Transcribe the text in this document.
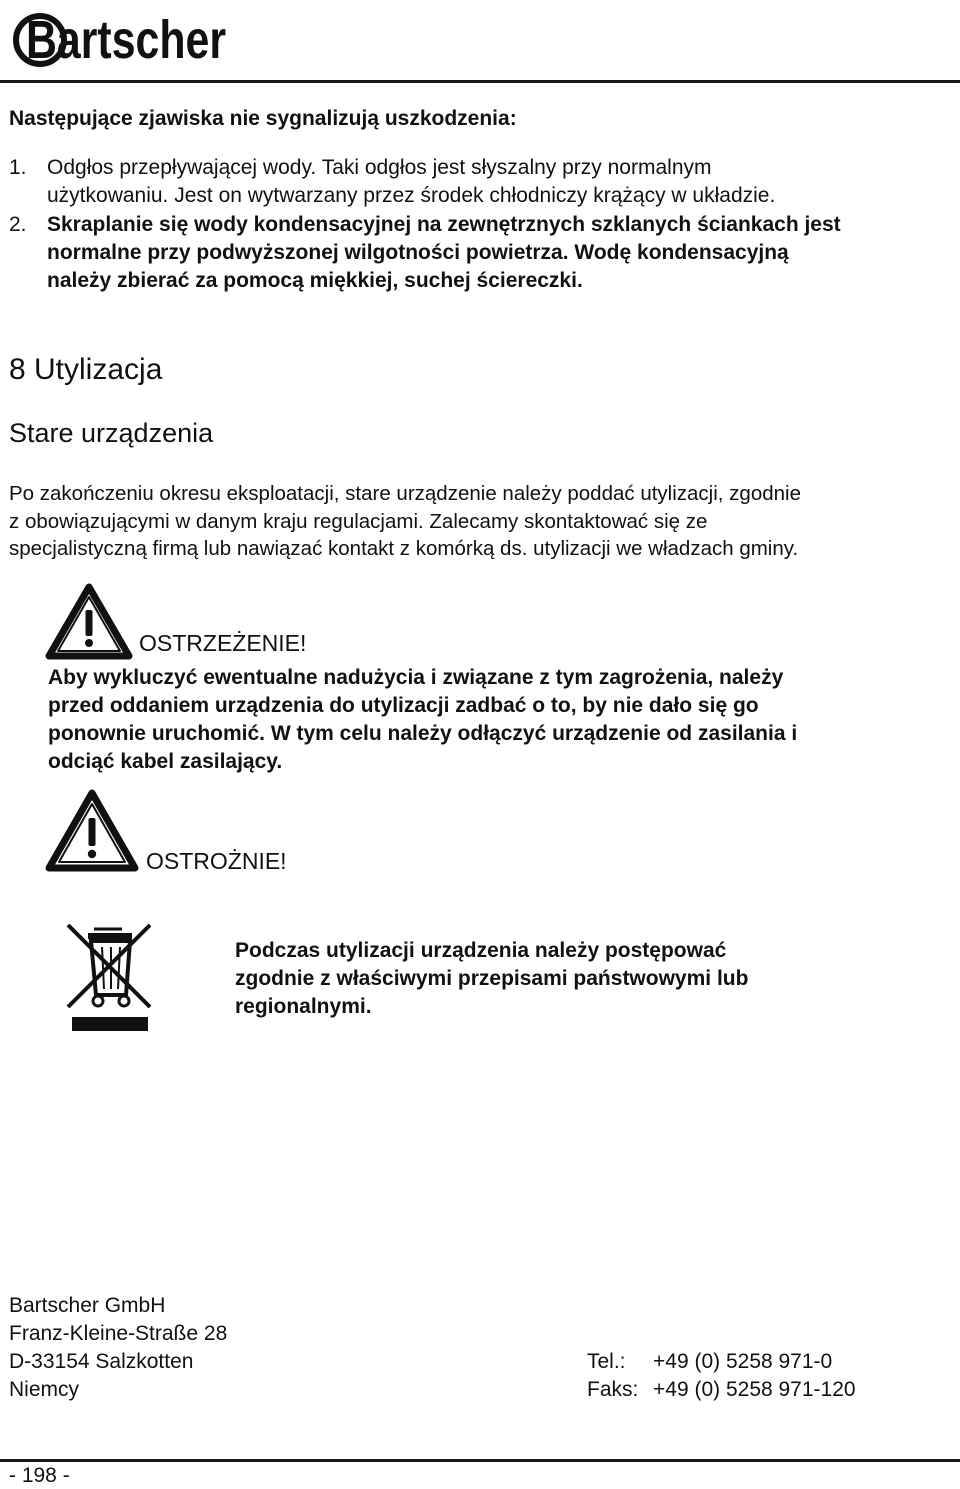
Bartscher
Następujące zjawiska nie sygnalizują uszkodzenia:
1. Odgłos przepływającej wody. Taki odgłos jest słyszalny przy normalnym
użytkowaniu. Jest on wytwarzany przez środek chłodniczy krążący w układzie.
2. Skraplanie się wody kondensacyjnej na zewnętrznych szklanych ściankach jest
normalne przy podwyższonej wilgotności powietrza. Wodę kondensacyjną
należy zbierać za pomocą miękkiej, suchej ściereczki.
8 Utylizacja
Stare urządzenia
Po zakończeniu okresu eksploatacji, stare urządzenie należy poddać utylizacji, zgodnie
z obowiązującymi w danym kraju regulacjami. Zalecamy skontaktować się ze
specjalistyczną firmą lub nawiązać kontakt z komórką ds. utylizacji we władzach gminy.
OSTRZEŻENIE!
Aby wykluczyć ewentualne nadużycia i związane z tym zagrożenia, należy
przed oddaniem urządzenia do utylizacji zadbać o to, by nie dało się go
ponownie uruchomić. W tym celu należy odłączyć urządzenie od zasilania i
odciąć kabel zasilający.
OSTROŻNIE!
Podczas utylizacji urządzenia należy postępować
zgodnie z właściwymi przepisami państwowymi lub
regionalnymi.
Bartscher GmbH
Franz-Kleine-Straße 28
D-33154 Salzkotten
Niemcy
Tel.:	+49 (0) 5258 971-0
Faks: +49 (0) 5258 971-120
- 198 -
